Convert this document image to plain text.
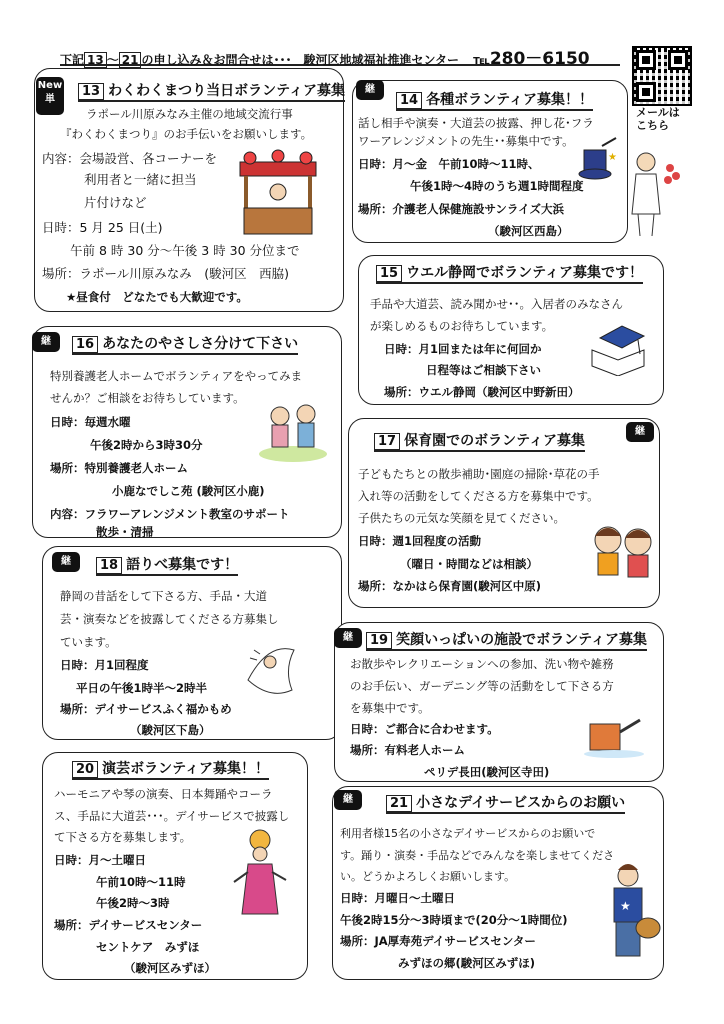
下記 13 ～ 21 の申し込み＆お問合せは･･･　駿河区地域福祉推進センター ℡280－6150
メールは
こちら
New
単
13 わくわくまつり当日ボランティア募集
ラポール川原みなみ主催の地域交流行事
『わくわくまつり』のお手伝いをお願いします。
内容：会場設営、各コーナーを
利用者と一緒に担当
片付けなど
日時：5 月 25 日(土)
午前 8 時 30 分～午後 3 時 30 分位まで
場所：ラポール川原みなみ　(駿河区　西脇)
★昼食付　どなたでも大歓迎です。
継
14 各種ボランティア募集！！
話し相手や演奏・大道芸の披露、押し花･フラ
ワーアレンジメントの先生･･募集中です。
日時：月～金　午前10時～11時、
午後1時～4時のうち週1時間程度
場所：介護老人保健施設サンライズ大浜
（駿河区西島）
★
15 ウエル静岡でボランティア募集です！
手品や大道芸、読み聞かせ･･。入居者のみなさん
が楽しめるものお待ちしています。
日時：月1回または年に何回か
日程等はご相談下さい
場所：ウエル静岡（駿河区中野新田）
継	16 あなたのやさしさ分けて下さい
特別養護老人ホームでボランティアをやってみま
せんか？ご相談をお待ちしています。
日時：毎週水曜
午後2時から3時30分
場所：特別養護老人ホーム
小鹿なでしこ苑 (駿河区小鹿)
内容：フラワーアレンジメント教室のサポート
散歩・清掃
継
17 保育園でのボランティア募集
子どもたちとの散歩補助･園庭の掃除･草花の手
入れ等の活動をしてくださる方を募集中です。
子供たちの元気な笑顔を見てください。
日時：週1回程度の活動
（曜日・時間などは相談）
場所：なかはら保育園(駿河区中原)
継	18 語りべ募集です！
静岡の昔話をして下さる方、手品・大道
芸・演奏などを披露してくださる方募集し
ています。
日時：月1回程度
平日の午後1時半～2時半
場所：デイサービスふく福かもめ
（駿河区下島）
継	19 笑顔いっぱいの施設でボランティア募集
お散歩やレクリエーションへの参加、洗い物や雑務
のお手伝い、ガーデニング等の活動をして下さる方
を募集中です。
日時：ご都合に合わせます。
場所：有料老人ホーム
ペリデ長田(駿河区寺田)
20 演芸ボランティア募集！！
ハーモニアや琴の演奏、日本舞踊やコーラ
ス、手品に大道芸･･･。デイサービスで披露し
て下さる方を募集します。
日時：月～土曜日
午前10時～11時
午後2時～3時
場所：デイサービスセンター
セントケア　みずほ
（駿河区みずほ）
継	21 小さなデイサービスからのお願い
利用者様15名の小さなデイサービスからのお願いで
す。踊り・演奏・手品などでみんなを楽しませてくださ
い。どうかよろしくお願いします。
日時：月曜日～土曜日
午後2時15分～3時頃まで(20分～1時間位)
場所：JA厚寿苑デイサービスセンター
みずほの郷(駿河区みずほ)
★
